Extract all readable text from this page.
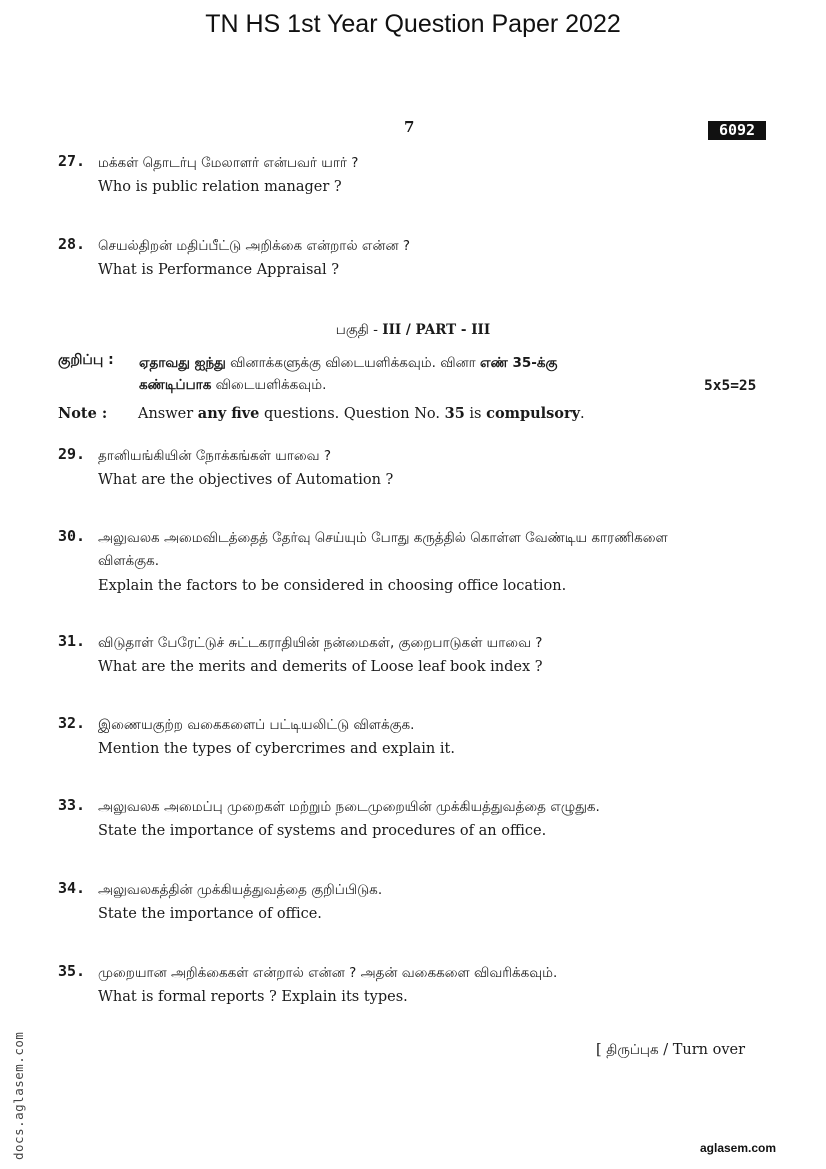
TN HS 1st Year Question Paper 2022
7	6092
27. மக்கள் தொடர்பு மேலாளர் என்பவர் யார் ?
Who is public relation manager ?
28. செயல்திறன் மதிப்பீட்டு அறிக்கை என்றால் என்ன ?
What is Performance Appraisal ?
பகுதி - III / PART - III
குறிப்பு : ஏதாவது ஐந்து வினாக்களுக்கு விடையளிக்கவும். வினா எண் 35-க்கு
கண்டிப்பாக விடையளிக்கவும்.	5x5=25
Note : Answer any five questions. Question No. 35 is compulsory.
29. தானியங்கியின் நோக்கங்கள் யாவை ?
What are the objectives of Automation ?
30. அலுவலக அமைவிடத்தைத் தேர்வு செய்யும் போது கருத்தில் கொள்ள வேண்டிய காரணிகளை விளக்குக.
Explain the factors to be considered in choosing office location.
31. விடுதாள் பேரேட்டுச் சுட்டகராதியின் நன்மைகள், குறைபாடுகள் யாவை ?
What are the merits and demerits of Loose leaf book index ?
32. இணையகுற்ற வகைகளைப் பட்டியலிட்டு விளக்குக.
Mention the types of cybercrimes and explain it.
33. அலுவலக அமைப்பு முறைகள் மற்றும் நடைமுறையின் முக்கியத்துவத்தை எழுதுக.
State the importance of systems and procedures of an office.
34. அலுவலகத்தின் முக்கியத்துவத்தை குறிப்பிடுக.
State the importance of office.
35. முறையான அறிக்கைகள் என்றால் என்ன ? அதன் வகைகளை விவரிக்கவும்.
What is formal reports ? Explain its types.
[ திருப்புக / Turn over
docs.aglasem.com	aglasem.com
